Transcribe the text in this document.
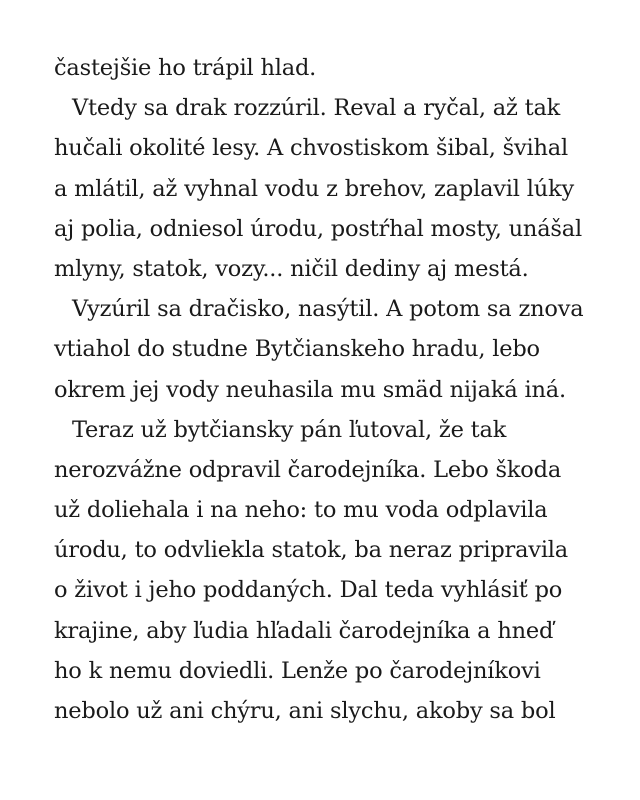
častejšie ho trápil hlad.
Vtedy sa drak rozzúril. Reval a ryčal, až tak
hučali okolité lesy. A chvostiskom šibal, švihal
a mlátil, až vyhnal vodu z brehov, zaplavil lúky
aj polia, odniesol úrodu, postŕhal mosty, unášal
mlyny, statok, vozy... ničil dediny aj mestá.
Vyzúril sa dračisko, nasýtil. A potom sa znova
vtiahol do studne Bytčianskeho hradu, lebo
okrem jej vody neuhasila mu smäd nijaká iná.
Teraz už bytčiansky pán ľutoval, že tak
nerozvážne odpravil čarodejníka. Lebo škoda
už doliehala i na neho: to mu voda odplavila
úrodu, to odvliekla statok, ba neraz pripravila
o život i jeho poddaných. Dal teda vyhlásiť po
krajine, aby ľudia hľadali čarodejníka a hneď
ho k nemu doviedli. Lenže po čarodejníkovi
nebolo už ani chýru, ani slychu, akoby sa bol
